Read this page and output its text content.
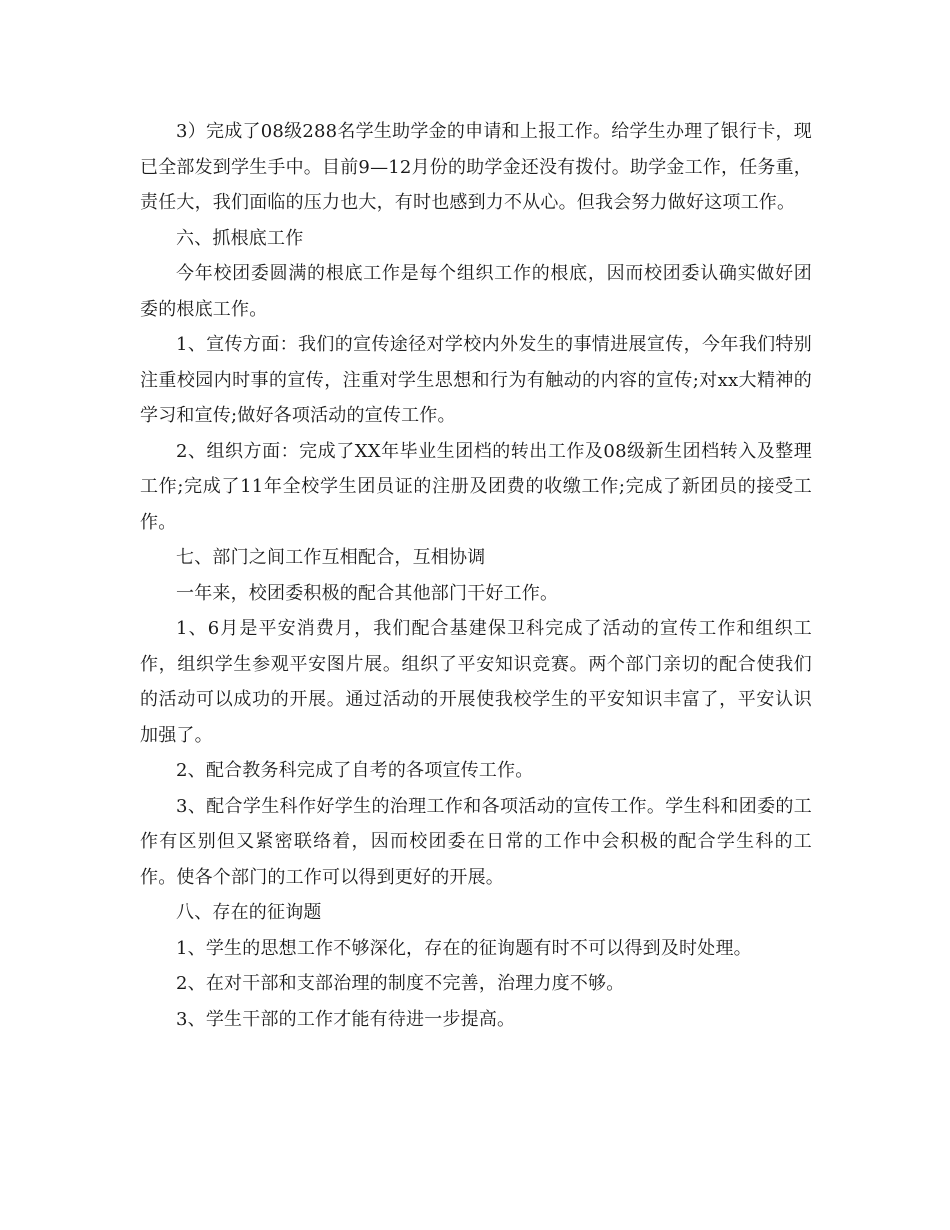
3）完成了08级288名学生助学金的申请和上报工作。给学生办理了银行卡，现已全部发到学生手中。目前9—12月份的助学金还没有拨付。助学金工作，任务重，责任大，我们面临的压力也大，有时也感到力不从心。但我会努力做好这项工作。

六、抓根底工作

今年校团委圆满的根底工作是每个组织工作的根底，因而校团委认确实做好团委的根底工作。

1、宣传方面：我们的宣传途径对学校内外发生的事情进展宣传，今年我们特别注重校园内时事的宣传，注重对学生思想和行为有触动的内容的宣传;对xx大精神的学习和宣传;做好各项活动的宣传工作。

2、组织方面：完成了XX年毕业生团档的转出工作及08级新生团档转入及整理工作;完成了11年全校学生团员证的注册及团费的收缴工作;完成了新团员的接受工作。

七、部门之间工作互相配合，互相协调

一年来，校团委积极的配合其他部门干好工作。

1、6月是平安消费月，我们配合基建保卫科完成了活动的宣传工作和组织工作，组织学生参观平安图片展。组织了平安知识竞赛。两个部门亲切的配合使我们的活动可以成功的开展。通过活动的开展使我校学生的平安知识丰富了，平安认识加强了。

2、配合教务科完成了自考的各项宣传工作。

3、配合学生科作好学生的治理工作和各项活动的宣传工作。学生科和团委的工作有区别但又紧密联络着，因而校团委在日常的工作中会积极的配合学生科的工作。使各个部门的工作可以得到更好的开展。

八、存在的征询题

1、学生的思想工作不够深化，存在的征询题有时不可以得到及时处理。

2、在对干部和支部治理的制度不完善，治理力度不够。

3、学生干部的工作才能有待进一步提高。
